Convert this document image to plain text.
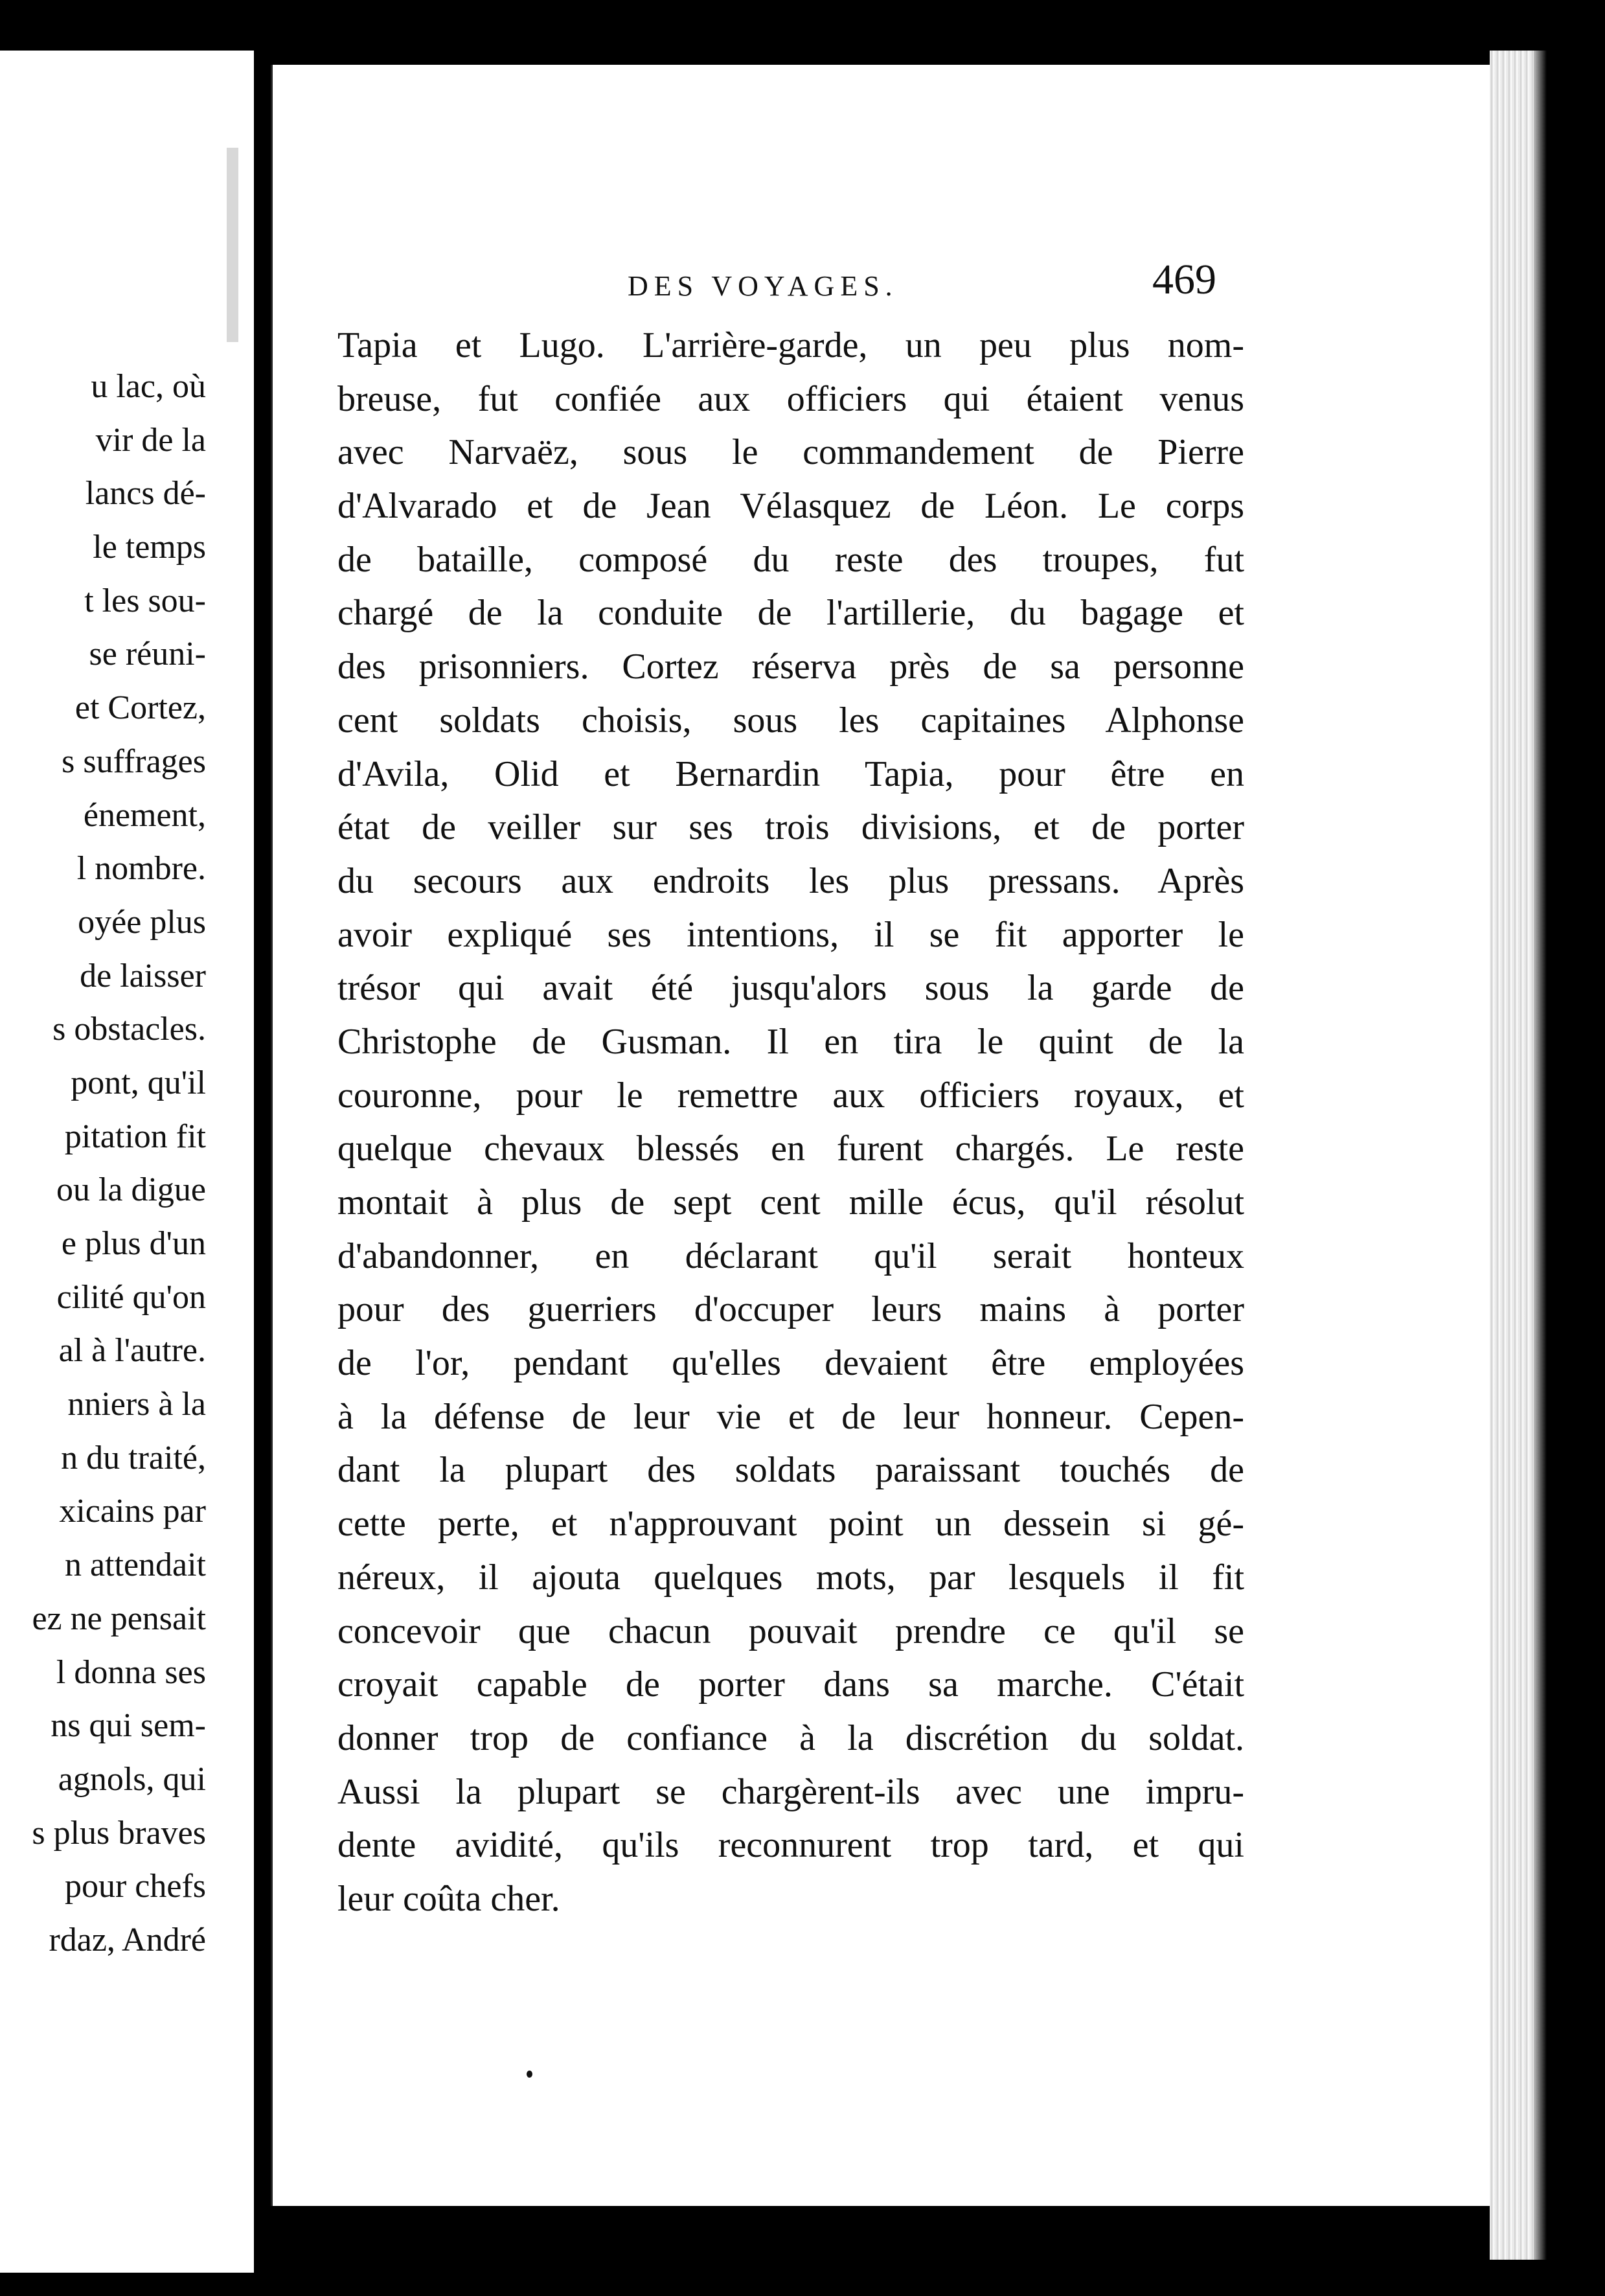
u lac, où
vir de la
lancs dé-
le temps
t les sou-
se réuni-
et Cortez,
s suffrages
énement,
l nombre.
oyée plus
de laisser
s obstacles.
pont, qu'il
pitation fit
ou la digue
e plus d'un
cilité qu'on
al à l'autre.
nniers à la
n du traité,
xicains par
n attendait
ez ne pensait
l donna ses
ns qui sem-
agnols, qui
s plus braves
pour chefs
rdaz, André
DES VOYAGES.	469
Tapia et Lugo. L'arrière-garde, un peu plus nom-
breuse, fut confiée aux officiers qui étaient venus
avec Narvaëz, sous le commandement de Pierre
d'Alvarado et de Jean Vélasquez de Léon. Le corps
de bataille, composé du reste des troupes, fut
chargé de la conduite de l'artillerie, du bagage et
des prisonniers. Cortez réserva près de sa personne
cent soldats choisis, sous les capitaines Alphonse
d'Avila, Olid et Bernardin Tapia, pour être en
état de veiller sur ses trois divisions, et de porter
du secours aux endroits les plus pressans. Après
avoir expliqué ses intentions, il se fit apporter le
trésor qui avait été jusqu'alors sous la garde de
Christophe de Gusman. Il en tira le quint de la
couronne, pour le remettre aux officiers royaux, et
quelque chevaux blessés en furent chargés. Le reste
montait à plus de sept cent mille écus, qu'il résolut
d'abandonner, en déclarant qu'il serait honteux
pour des guerriers d'occuper leurs mains à porter
de l'or, pendant qu'elles devaient être employées
à la défense de leur vie et de leur honneur. Cepen-
dant la plupart des soldats paraissant touchés de
cette perte, et n'approuvant point un dessein si gé-
néreux, il ajouta quelques mots, par lesquels il fit
concevoir que chacun pouvait prendre ce qu'il se
croyait capable de porter dans sa marche. C'était
donner trop de confiance à la discrétion du soldat.
Aussi la plupart se chargèrent-ils avec une impru-
dente avidité, qu'ils reconnurent trop tard, et qui
leur coûta cher.
